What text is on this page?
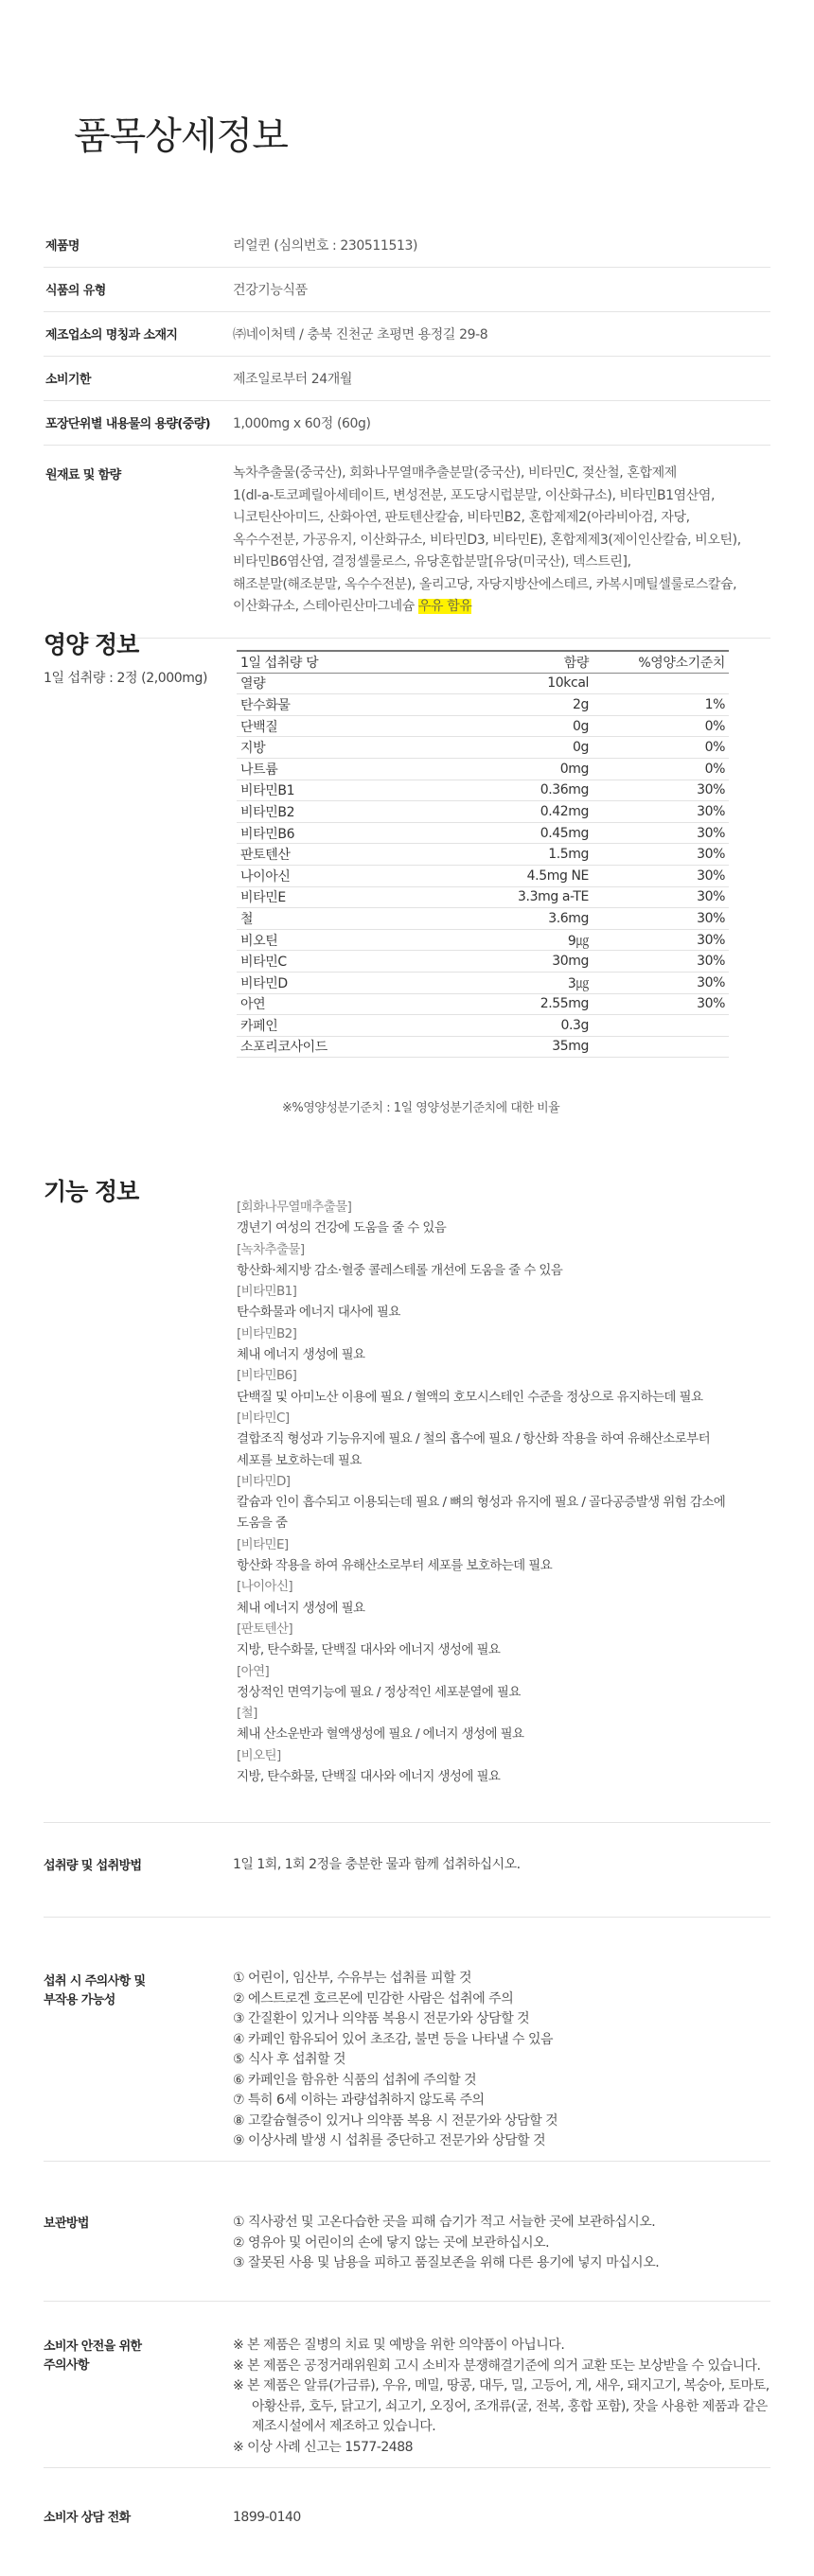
품목상세정보
제품명	리얼퀸 (심의번호 : 230511513)
식품의 유형	건강기능식품
제조업소의 명칭과 소재지	㈜네이처텍 / 충북 진천군 초평면 용정길 29-8
소비기한	제조일로부터 24개월
포장단위별 내용물의 용량(중량)	1,000mg x 60정 (60g)
원재료 및 함량	녹차추출물(중국산), 회화나무열매추출분말(중국산), 비타민C, 젖산철, 혼합제제
1(dl-a-토코페릴아세테이트, 변성전분, 포도당시럽분말, 이산화규소), 비타민B1염산염,
니코틴산아미드, 산화아연, 판토텐산칼슘, 비타민B2, 혼합제제2(아라비아검, 자당,
옥수수전분, 가공유지, 이산화규소, 비타민D3, 비타민E), 혼합제제3(제이인산칼슘, 비오틴),
비타민B6염산염, 결정셀룰로스, 유당혼합분말[유당(미국산), 덱스트린],
해조분말(해조분말, 옥수수전분), 올리고당, 자당지방산에스테르, 카복시메틸셀룰로스칼슘,
이산화규소, 스테아린산마그네슘 우유 함유
영양 정보
1일 섭취량 : 2정 (2,000mg)
1일 섭취량 당	함량	%영양소기준치
열량	10kcal	
탄수화물	2g	1%
단백질	0g	0%
지방	0g	0%
나트륨	0mg	0%
비타민B1	0.36mg	30%
비타민B2	0.42mg	30%
비타민B6	0.45mg	30%
판토텐산	1.5mg	30%
나이아신	4.5mg NE	30%
비타민E	3.3mg a-TE	30%
철	3.6mg	30%
비오틴	9㎍	30%
비타민C	30mg	30%
비타민D	3㎍	30%
아연	2.55mg	30%
카페인	0.3g	
소포리코사이드	35mg	
※%영양성분기준치 : 1일 영양성분기준치에 대한 비율
기능 정보
[회화나무열매추출물]
갱년기 여성의 건강에 도움을 줄 수 있음
[녹차추출물]
항산화·체지방 감소·혈중 콜레스테롤 개선에 도움을 줄 수 있음
[비타민B1]
탄수화물과 에너지 대사에 필요
[비타민B2]
체내 에너지 생성에 필요
[비타민B6]
단백질 및 아미노산 이용에 필요 / 혈액의 호모시스테인 수준을 정상으로 유지하는데 필요
[비타민C]
결합조직 형성과 기능유지에 필요 / 철의 흡수에 필요 / 항산화 작용을 하여 유해산소로부터
세포를 보호하는데 필요
[비타민D]
칼슘과 인이 흡수되고 이용되는데 필요 / 뼈의 형성과 유지에 필요 / 골다공증발생 위험 감소에
도움을 줌
[비타민E]
항산화 작용을 하여 유해산소로부터 세포를 보호하는데 필요
[나이아신]
체내 에너지 생성에 필요
[판토텐산]
지방, 탄수화물, 단백질 대사와 에너지 생성에 필요
[아연]
정상적인 면역기능에 필요 / 정상적인 세포분열에 필요
[철]
체내 산소운반과 혈액생성에 필요 / 에너지 생성에 필요
[비오틴]
지방, 탄수화물, 단백질 대사와 에너지 생성에 필요
섭취량 및 섭취방법	1일 1회, 1회 2정을 충분한 물과 함께 섭취하십시오.
섭취 시 주의사항 및
부작용 가능성
① 어린이, 임산부, 수유부는 섭취를 피할 것
② 에스트로겐 호르몬에 민감한 사람은 섭취에 주의
③ 간질환이 있거나 의약품 복용시 전문가와 상담할 것
④ 카페인 함유되어 있어 초조감, 불면 등을 나타낼 수 있음
⑤ 식사 후 섭취할 것
⑥ 카페인을 함유한 식품의 섭취에 주의할 것
⑦ 특히 6세 이하는 과량섭취하지 않도록 주의
⑧ 고칼슘혈증이 있거나 의약품 복용 시 전문가와 상담할 것
⑨ 이상사례 발생 시 섭취를 중단하고 전문가와 상담할 것
보관방법	① 직사광선 및 고온다습한 곳을 피해 습기가 적고 서늘한 곳에 보관하십시오.
② 영유아 및 어린이의 손에 닿지 않는 곳에 보관하십시오.
③ 잘못된 사용 및 남용을 피하고 품질보존을 위해 다른 용기에 넣지 마십시오.
소비자 안전을 위한
주의사항
※ 본 제품은 질병의 치료 및 예방을 위한 의약품이 아닙니다.
※ 본 제품은 공정거래위원회 고시 소비자 분쟁해결기준에 의거 교환 또는 보상받을 수 있습니다.
※ 본 제품은 알류(가금류), 우유, 메밀, 땅콩, 대두, 밀, 고등어, 게, 새우, 돼지고기, 복숭아, 토마토,
아황산류, 호두, 닭고기, 쇠고기, 오징어, 조개류(굴, 전복, 홍합 포함), 잣을 사용한 제품과 같은
제조시설에서 제조하고 있습니다.
※ 이상 사례 신고는 1577-2488
소비자 상담 전화	1899-0140
